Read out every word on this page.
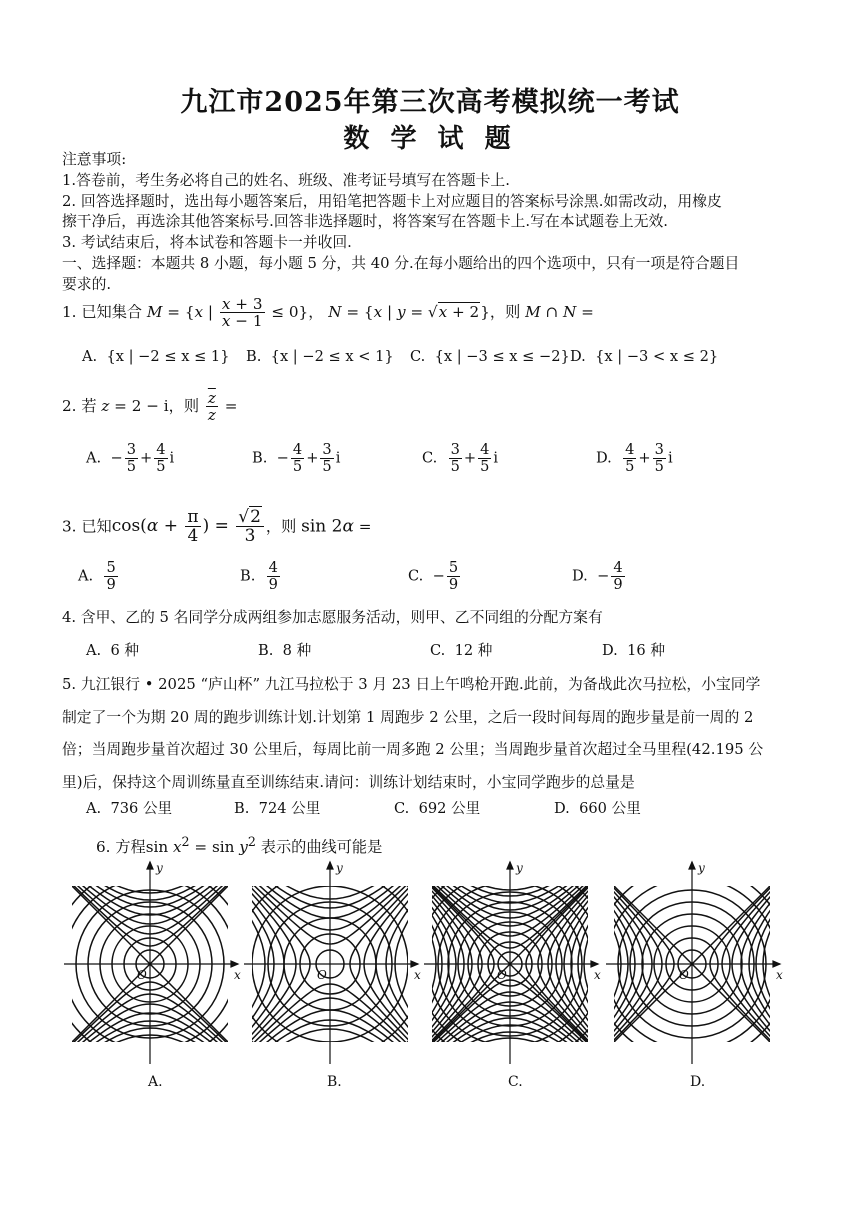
九江市2025年第三次高考模拟统一考试
数 学 试 题
注意事项:
1.答卷前，考生务必将自己的姓名、班级、准考证号填写在答题卡上.
2. 回答选择题时，选出每小题答案后，用铅笔把答题卡上对应题目的答案标号涂黑.如需改动，用橡皮
擦干净后，再选涂其他答案标号.回答非选择题时，将答案写在答题卡上.写在本试题卷上无效.
3. 考试结束后，将本试卷和答题卡一并收回.
一、选择题：本题共 8 小题，每小题 5 分，共 40 分.在每小题给出的四个选项中，只有一项是符合题目
要求的.
1. 已知集合 M = {x | $\frac{x + 3}{x - 1} \le 0$}， N = {x | y = √x + 2}，则 M ∩ N =
A. {x | −2 ≤ x ≤ 1} B. {x | −2 ≤ x < 1} C. {x | −3 ≤ x ≤ −2} D. {x | −3 < x ≤ 2}
2. 若 z = 2 − i，则 $\frac{\overline{z}}{z}$ =
A. − $\frac{3}{5} + \frac{4}{5}$ i	B. − $\frac{4}{5} + \frac{3}{5}$ i	C. $\frac{3}{5} + \frac{4}{5}$ i	D. $\frac{4}{5} + \frac{3}{5}$ i
3. 已知$\cos(\alpha + \frac{\pi}{4}$ ) = $\frac{√2}{3}$ ，则 sin 2α =
A. $\frac{5}{9}$	B. $\frac{4}{9}$	C. − $\frac{5}{9}$	D. − $\frac{4}{9}$
4. 含甲、乙的 5 名同学分成两组参加志愿服务活动，则甲、乙不同组的分配方案有
A. 6 种	B. 8 种	C. 12 种	D. 16 种
5. 九江银行 • 2025 “庐山杯” 九江马拉松于 3 月 23 日上午鸣枪开跑.此前，为备战此次马拉松，小宝同学
制定了一个为期 20 周的跑步训练计划.计划第 1 周跑步 2 公里，之后一段时间每周的跑步量是前一周的 2
倍；当周跑步量首次超过 30 公里后，每周比前一周多跑 2 公里；当周跑步量首次超过全马里程(42.195 公
里)后，保持这个周训练量直至训练结束.请问：训练计划结束时，小宝同学跑步的总量是
A. 736 公里	B. 724 公里	C. 692 公里	D. 660 公里
6. 方程$\sin x^2 = \sin y^2$ 表示的曲线可能是
x
y
O	x
y
O	x
y
O	x
y
O
A.	B.	C.	D.
